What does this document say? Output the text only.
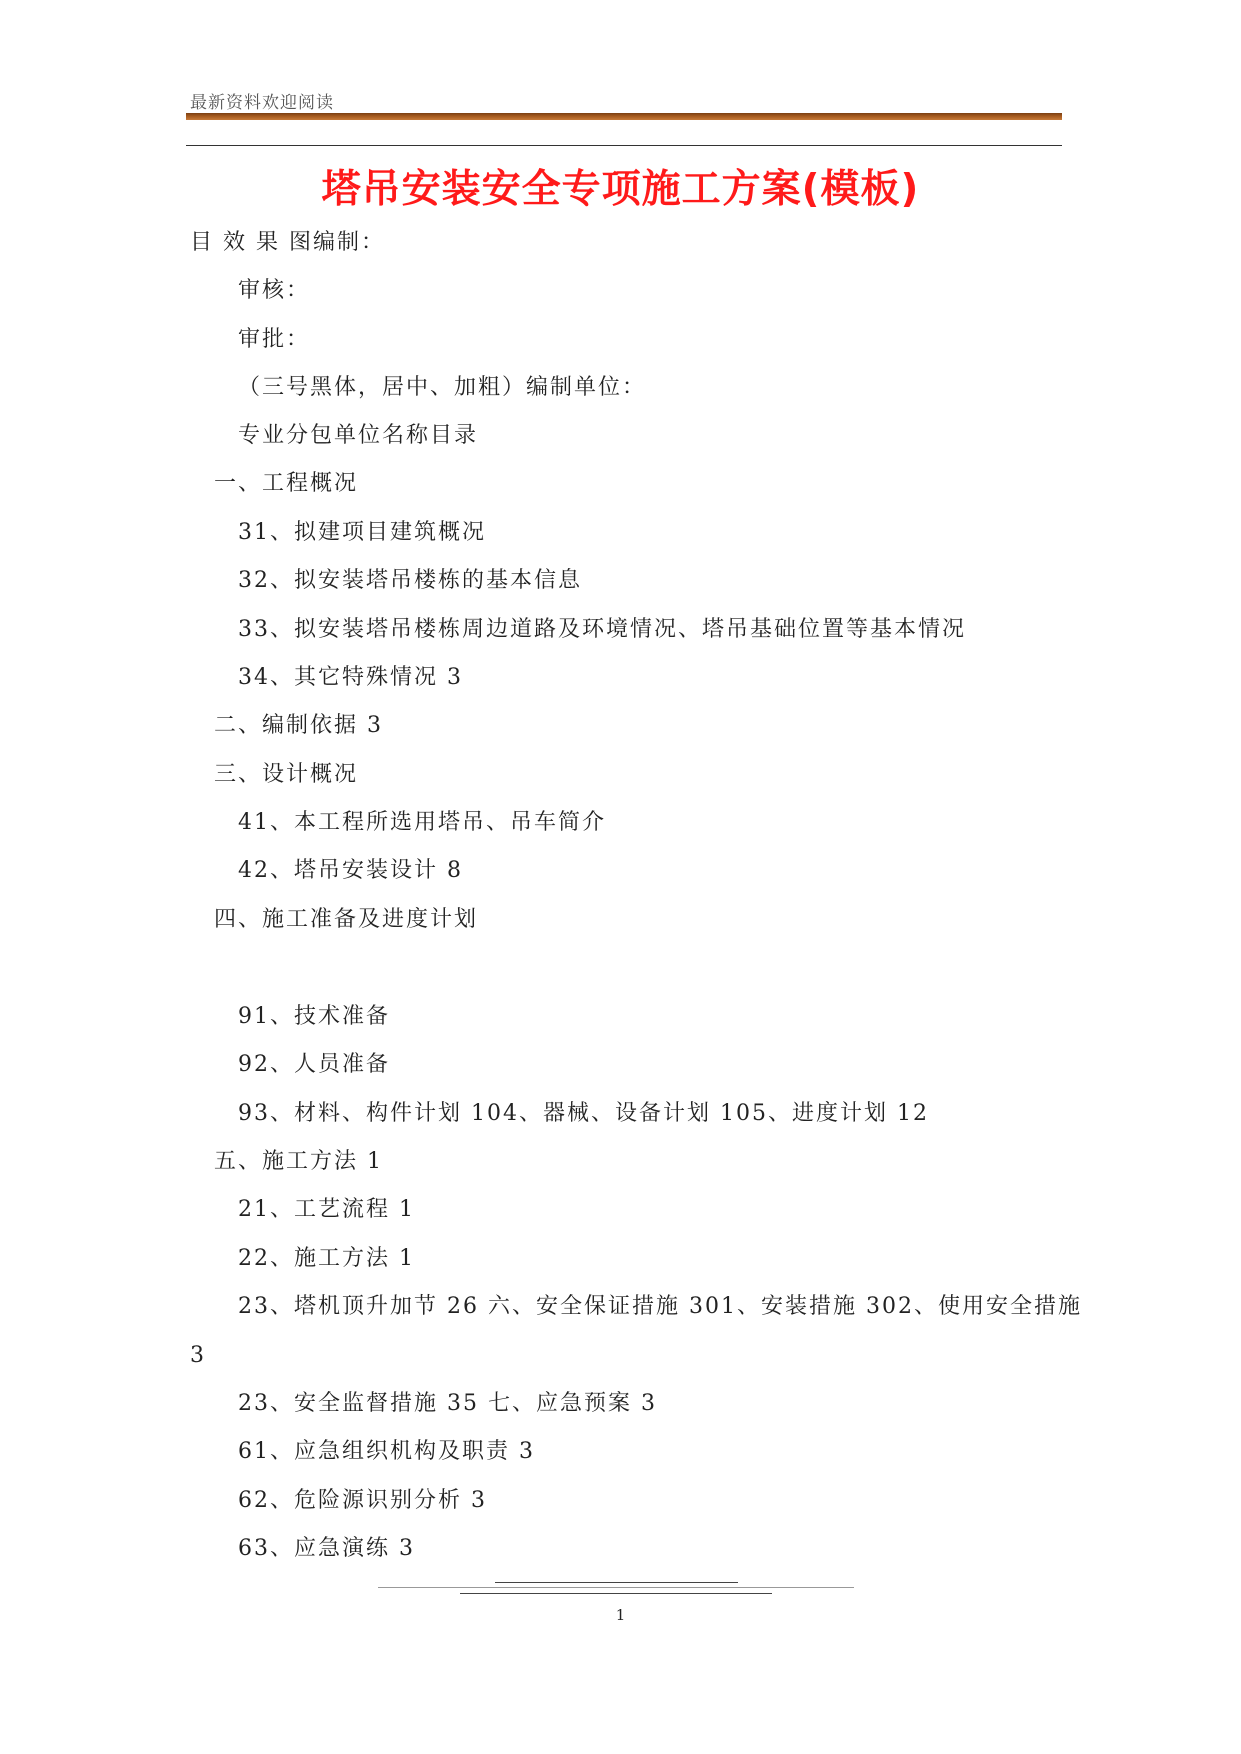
最新资料欢迎阅读
塔吊安装安全专项施工方案(模板)
目 效 果 图编制：
审核：
审批：
（三号黑体，居中、加粗）编制单位：
专业分包单位名称目录
一、工程概况
31、拟建项目建筑概况
32、拟安装塔吊楼栋的基本信息
33、拟安装塔吊楼栋周边道路及环境情况、塔吊基础位置等基本情况
34、其它特殊情况 3
二、编制依据 3
三、设计概况
41、本工程所选用塔吊、吊车简介
42、塔吊安装设计 8
四、施工准备及进度计划
91、技术准备
92、人员准备
93、材料、构件计划 104、器械、设备计划 105、进度计划 12
五、施工方法 1
21、工艺流程 1
22、施工方法 1
23、塔机顶升加节 26 六、安全保证措施 301、安装措施 302、使用安全措施
3
23、安全监督措施 35 七、应急预案 3
61、应急组织机构及职责 3
62、危险源识别分析 3
63、应急演练 3
1
